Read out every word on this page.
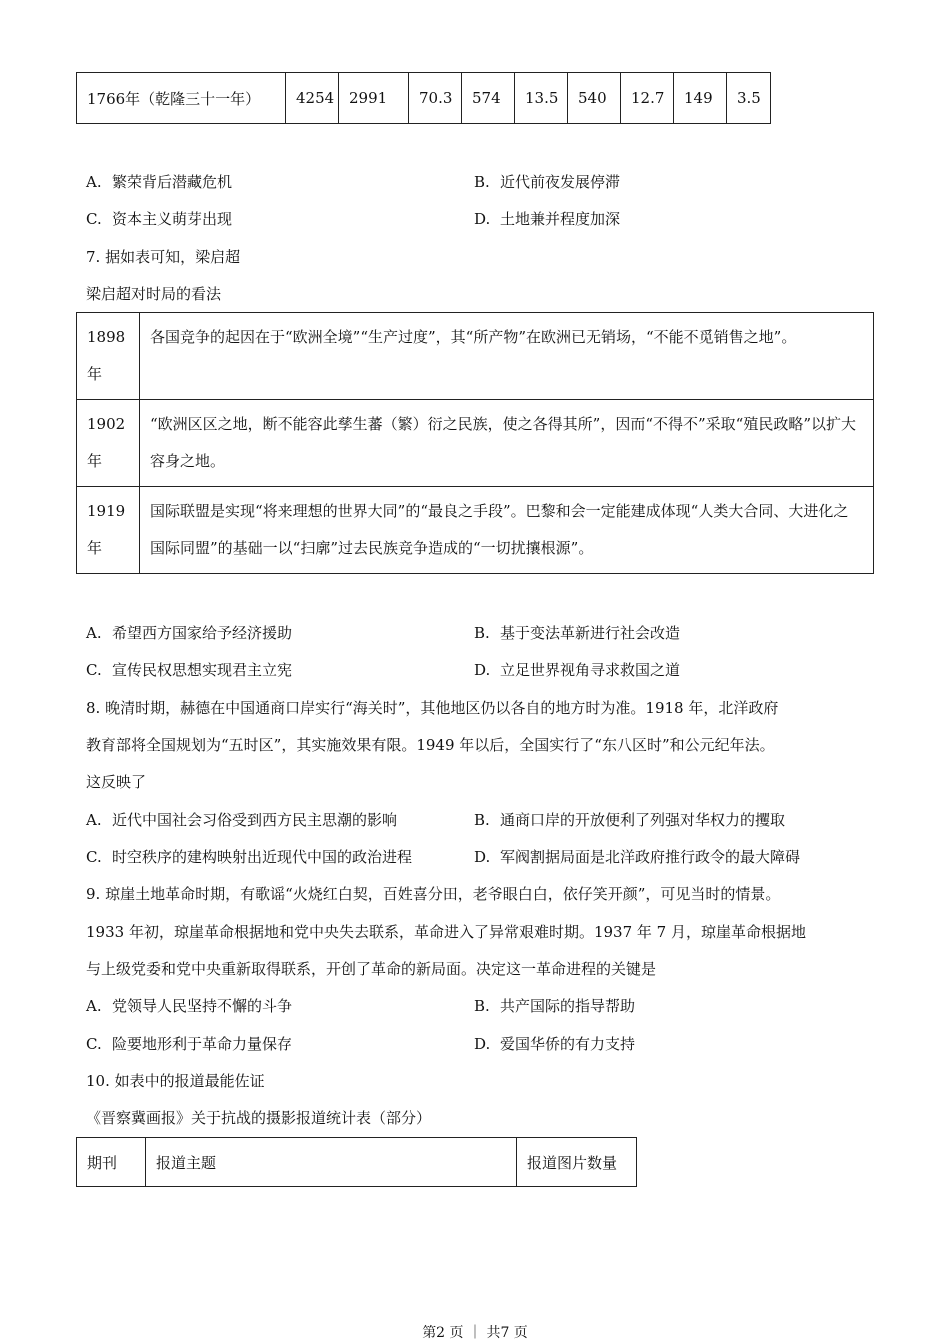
1766年（乾隆三十一年）	4254	2991	70.3	574	13.5	540	12.7	149	3.5
A. 繁荣背后潜藏危机	B. 近代前夜发展停滞
C. 资本主义萌芽出现	D. 土地兼并程度加深
7. 据如表可知，梁启超
梁启超对时局的看法
1898
年	各国竞争的起因在于“欧洲全境”“生产过度”，其“所产物”在欧洲已无销场，“不能不觅销售之地”。
1902
年	“欧洲区区之地，断不能容此孳生蕃（繁）衍之民族，使之各得其所”，因而“不得不”采取“殖民政略”以扩大容身之地。
1919
年	国际联盟是实现“将来理想的世界大同”的“最良之手段”。巴黎和会一定能建成体现“人类大合同、大进化之国际同盟”的基础一以“扫廓”过去民族竞争造成的“一切扰攘根源”。
A. 希望西方国家给予经济援助	B. 基于变法革新进行社会改造
C. 宣传民权思想实现君主立宪	D. 立足世界视角寻求救国之道
8. 晚清时期，赫德在中国通商口岸实行“海关时”，其他地区仍以各自的地方时为准。1918 年，北洋政府
教育部将全国规划为“五时区”，其实施效果有限。1949 年以后，全国实行了“东八区时”和公元纪年法。
这反映了
A. 近代中国社会习俗受到西方民主思潮的影响	B. 通商口岸的开放便利了列强对华权力的攫取
C. 时空秩序的建构映射出近现代中国的政治进程	D. 军阀割据局面是北洋政府推行政令的最大障碍
9. 琼崖土地革命时期，有歌谣“火烧红白契，百姓喜分田，老爷眼白白，依仔笑开颜”，可见当时的情景。
1933 年初，琼崖革命根据地和党中央失去联系，革命进入了异常艰难时期。1937 年 7 月，琼崖革命根据地
与上级党委和党中央重新取得联系，开创了革命的新局面。决定这一革命进程的关键是
A. 党领导人民坚持不懈的斗争	B. 共产国际的指导帮助
C. 险要地形利于革命力量保存	D. 爱国华侨的有力支持
10. 如表中的报道最能佐证
《晋察冀画报》关于抗战的摄影报道统计表（部分）
期刊	报道主题	报道图片数量
第2 页 ｜ 共7 页
